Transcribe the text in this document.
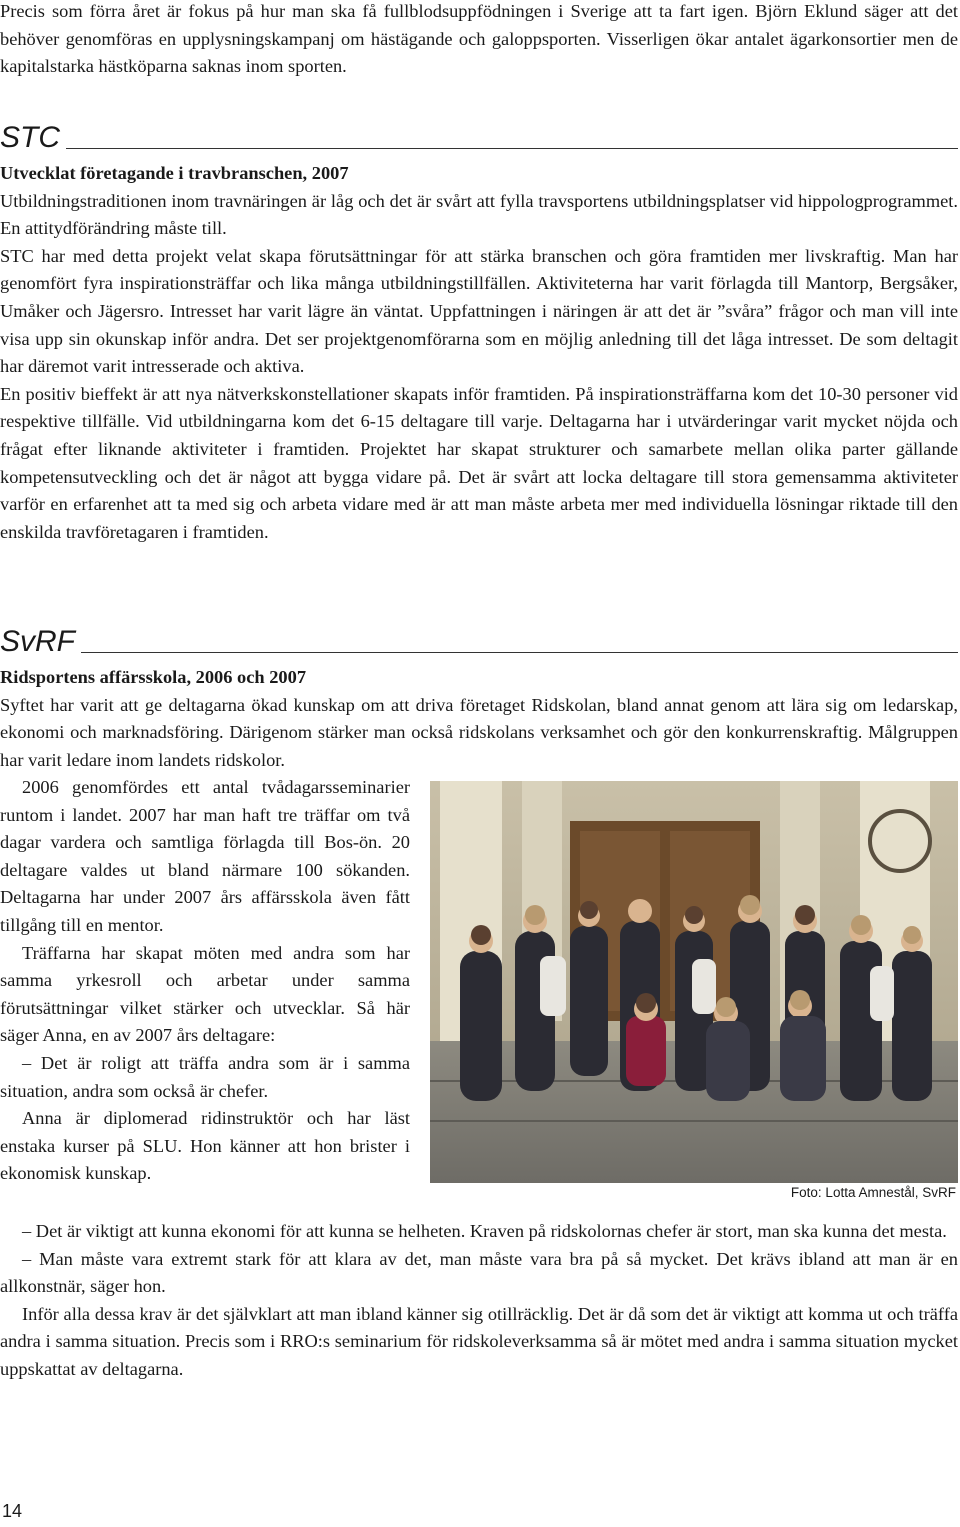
Precis som förra året är fokus på hur man ska få fullblodsuppfödningen i Sverige att ta fart igen. Björn Eklund säger att det behöver genomföras en upplysningskampanj om hästägande och galoppsporten. Visserligen ökar antalet ägarkonsortier men de kapitalstarka hästköparna saknas inom sporten.

STC

Utvecklat företagande i travbranschen, 2007

Utbildningstraditionen inom travnäringen är låg och det är svårt att fylla travsportens utbildningsplatser vid hippologprogrammet. En attitydförändring måste till.

STC har med detta projekt velat skapa förutsättningar för att stärka branschen och göra framtiden mer livskraftig. Man har genomfört fyra inspirationsträffar och lika många utbildningstillfällen. Aktiviteterna har varit förlagda till Mantorp, Bergsåker, Umåker och Jägersro. Intresset har varit lägre än väntat. Uppfattningen i näringen är att det är ”svåra” frågor och man vill inte visa upp sin okunskap inför andra. Det ser projektgenomförarna som en möjlig anledning till det låga intresset. De som deltagit har däremot varit intresserade och aktiva.

En positiv bieffekt är att nya nätverkskonstellationer skapats inför framtiden. På inspirationsträffarna kom det 10-30 personer vid respektive tillfälle. Vid utbildningarna kom det 6-15 deltagare till varje. Deltagarna har i utvärderingar varit mycket nöjda och frågat efter liknande aktiviteter i framtiden. Projektet har skapat strukturer och samarbete mellan olika parter gällande kompetensutveckling och det är något att bygga vidare på. Det är svårt att locka deltagare till stora gemensamma aktiviteter varför en erfarenhet att ta med sig och arbeta vidare med är att man måste arbeta mer med individuella lösningar riktade till den enskilda travföretagaren i framtiden.

SvRF

Ridsportens affärsskola, 2006 och 2007

Syftet har varit att ge deltagarna ökad kunskap om att driva företaget Ridskolan, bland annat genom att lära sig om ledarskap, ekonomi och marknadsföring. Därigenom stärker man också ridskolans verksamhet och gör den konkurrenskraftig. Målgruppen har varit ledare inom landets ridskolor.

2006 genomfördes ett antal tvådagarsseminarier runtom i landet. 2007 har man haft tre träffar om två dagar vardera och samtliga förlagda till Bos-ön. 20 deltagare valdes ut bland närmare 100 sökanden. Deltagarna har under 2007 års affärsskola även fått tillgång till en mentor.

Träffarna har skapat möten med andra som har samma yrkesroll och arbetar under samma förutsättningar vilket stärker och utvecklar. Så här säger Anna, en av 2007 års deltagare:

– Det är roligt att träffa andra som är i samma situation, andra som också är chefer.

Anna är diplomerad ridinstruktör och har läst enstaka kurser på SLU. Hon känner att hon brister i ekonomisk kunskap.

Foto: Lotta Amnestål, SvRF

– Det är viktigt att kunna ekonomi för att kunna se helheten. Kraven på ridskolornas chefer är stort, man ska kunna det mesta.

– Man måste vara extremt stark för att klara av det, man måste vara bra på så mycket. Det krävs ibland att man är en allkonstnär, säger hon.

Inför alla dessa krav är det självklart att man ibland känner sig otillräcklig. Det är då som det är viktigt att komma ut och träffa andra i samma situation. Precis som i RRO:s seminarium för ridskoleverksamma så är mötet med andra i samma situation mycket uppskattat av deltagarna.

14
